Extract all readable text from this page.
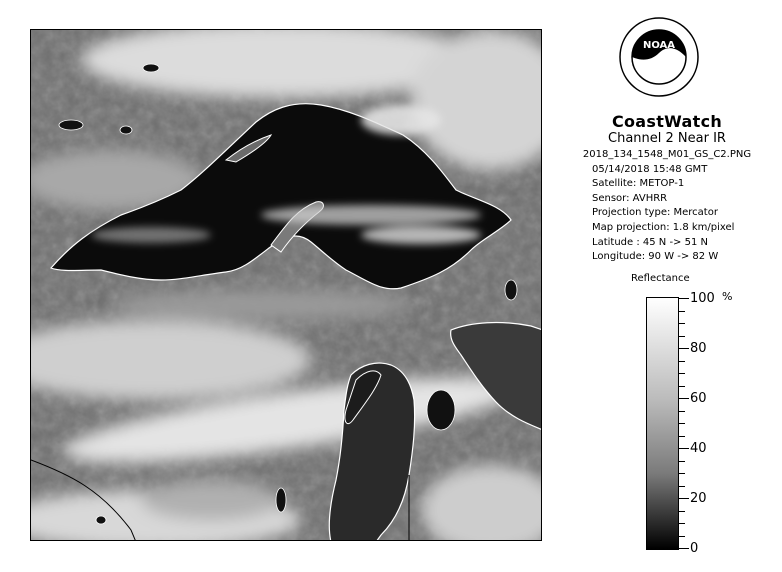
NOAA
CoastWatch
Channel 2 Near IR
2018_134_1548_M01_GS_C2.PNG
05/14/2018 15:48 GMT
Satellite: METOP-1
Sensor: AVHRR
Projection type: Mercator
Map projection: 1.8 km/pixel
Latitude : 45 N -> 51 N
Longitude: 90 W -> 82 W
Reflectance
%
100
80
60
40
20
0
